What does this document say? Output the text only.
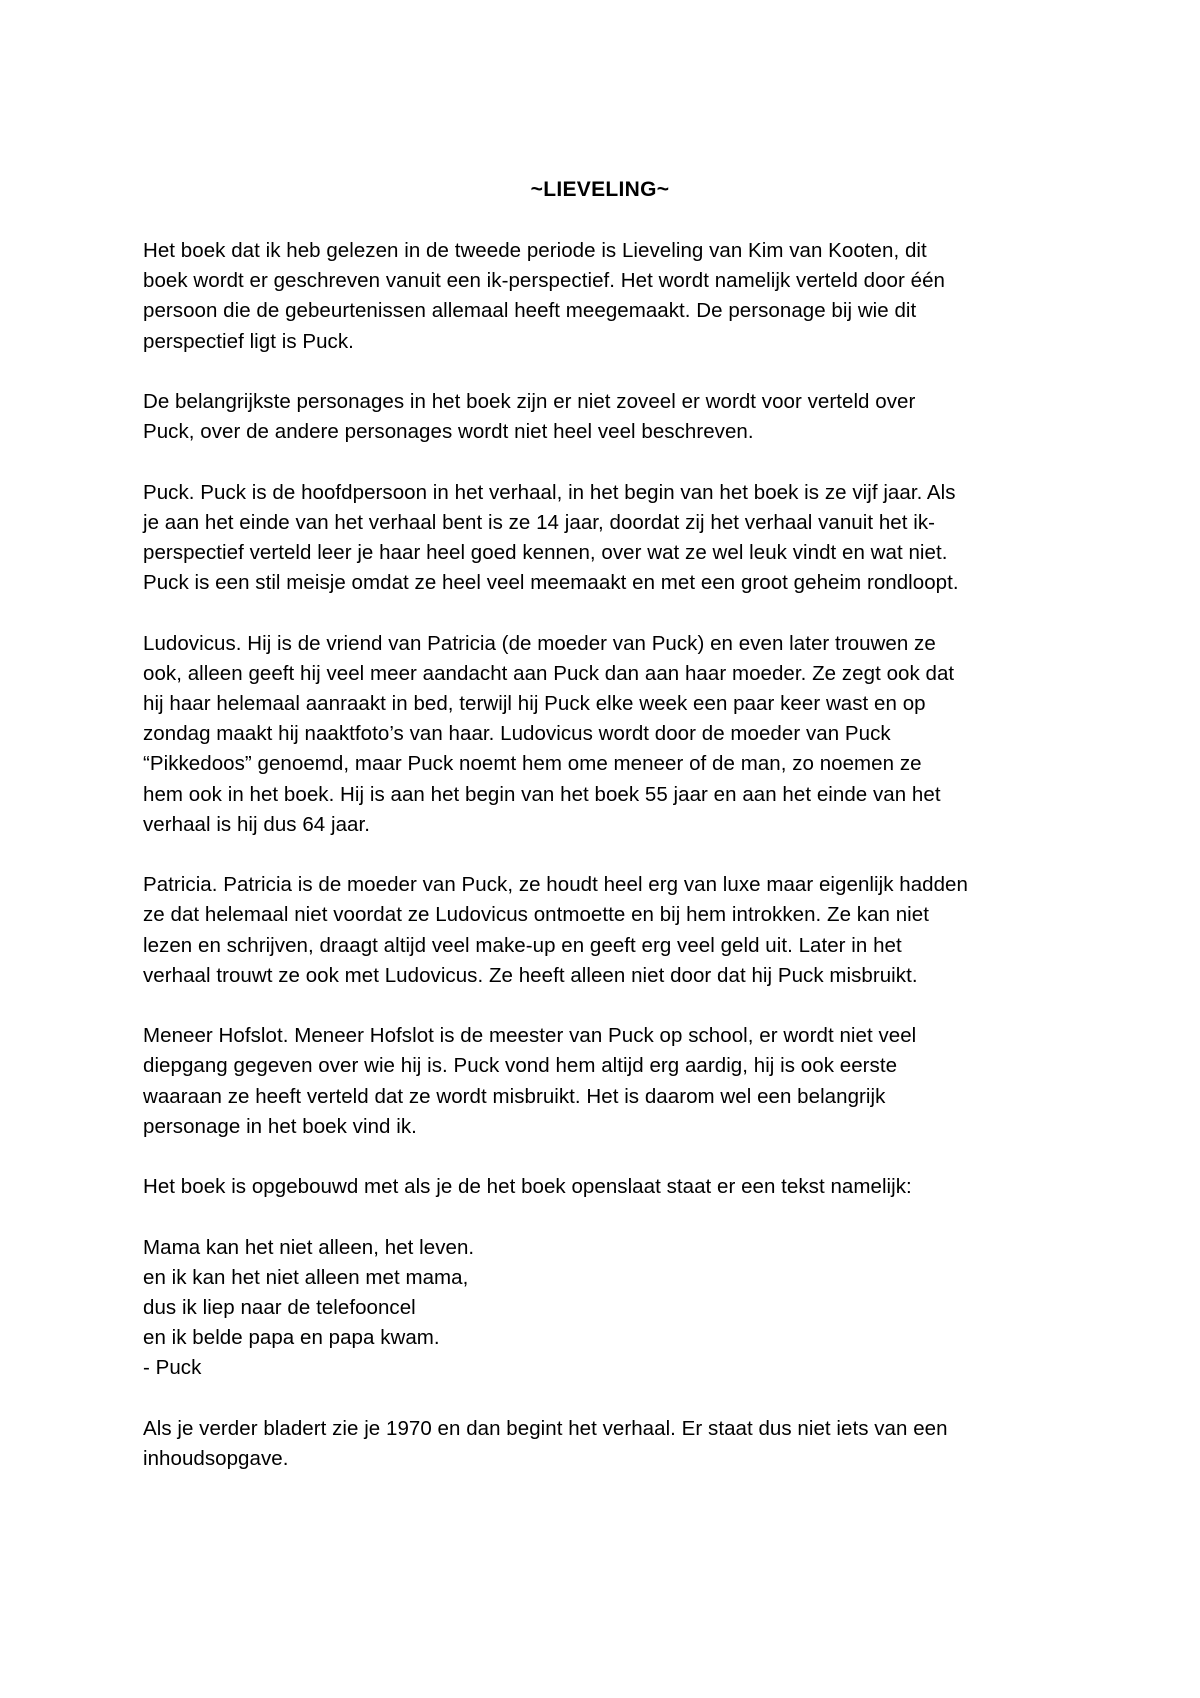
~LIEVELING~
Het boek dat ik heb gelezen in de tweede periode is Lieveling van Kim van Kooten, dit
boek wordt er geschreven vanuit een ik-perspectief. Het wordt namelijk verteld door één
persoon die de gebeurtenissen allemaal heeft meegemaakt. De personage bij wie dit
perspectief ligt is Puck.
De belangrijkste personages in het boek zijn er niet zoveel er wordt voor verteld over
Puck, over de andere personages wordt niet heel veel beschreven.
Puck. Puck is de hoofdpersoon in het verhaal, in het begin van het boek is ze vijf jaar. Als
je aan het einde van het verhaal bent is ze 14 jaar, doordat zij het verhaal vanuit het ik-
perspectief verteld leer je haar heel goed kennen, over wat ze wel leuk vindt en wat niet.
Puck is een stil meisje omdat ze heel veel meemaakt en met een groot geheim rondloopt.
Ludovicus. Hij is de vriend van Patricia (de moeder van Puck) en even later trouwen ze
ook, alleen geeft hij veel meer aandacht aan Puck dan aan haar moeder. Ze zegt ook dat
hij haar helemaal aanraakt in bed, terwijl hij Puck elke week een paar keer wast en op
zondag maakt hij naaktfoto’s van haar. Ludovicus wordt door de moeder van Puck
“Pikkedoos” genoemd, maar Puck noemt hem ome meneer of de man, zo noemen ze
hem ook in het boek. Hij is aan het begin van het boek 55 jaar en aan het einde van het
verhaal is hij dus 64 jaar.
Patricia. Patricia is de moeder van Puck, ze houdt heel erg van luxe maar eigenlijk hadden
ze dat helemaal niet voordat ze Ludovicus ontmoette en bij hem introkken. Ze kan niet
lezen en schrijven, draagt altijd veel make-up en geeft erg veel geld uit. Later in het
verhaal trouwt ze ook met Ludovicus. Ze heeft alleen niet door dat hij Puck misbruikt.
Meneer Hofslot. Meneer Hofslot is de meester van Puck op school, er wordt niet veel
diepgang gegeven over wie hij is. Puck vond hem altijd erg aardig, hij is ook eerste
waaraan ze heeft verteld dat ze wordt misbruikt. Het is daarom wel een belangrijk
personage in het boek vind ik.
Het boek is opgebouwd met als je de het boek openslaat staat er een tekst namelijk:
Mama kan het niet alleen, het leven.
en ik kan het niet alleen met mama,
dus ik liep naar de telefooncel
en ik belde papa en papa kwam.
- Puck
Als je verder bladert zie je 1970 en dan begint het verhaal. Er staat dus niet iets van een
inhoudsopgave.
